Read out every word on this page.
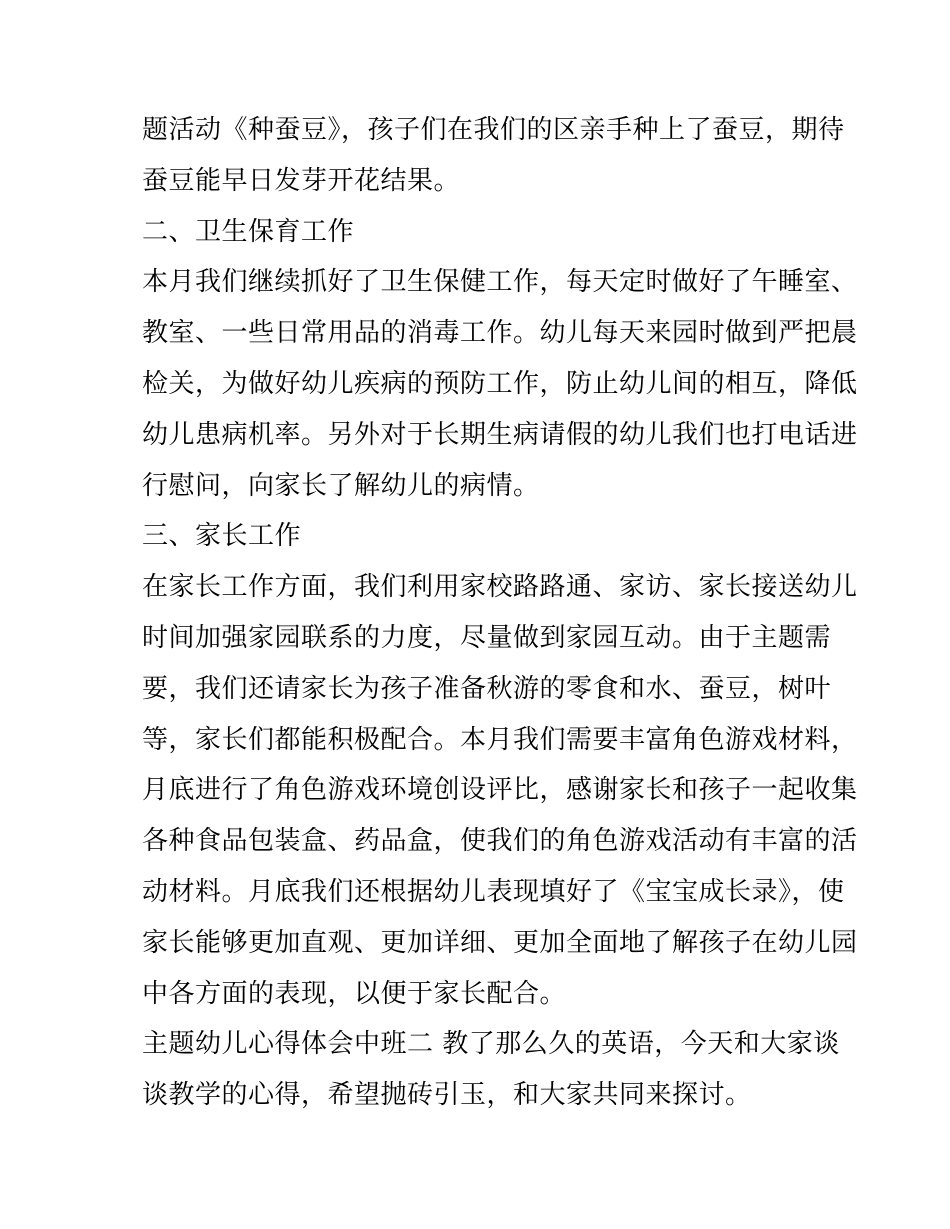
题活动《种蚕豆》，孩子们在我们的区亲手种上了蚕豆，期待
蚕豆能早日发芽开花结果。
二、卫生保育工作
本月我们继续抓好了卫生保健工作，每天定时做好了午睡室、
教室、一些日常用品的消毒工作。幼儿每天来园时做到严把晨
检关，为做好幼儿疾病的预防工作，防止幼儿间的相互，降低
幼儿患病机率。另外对于长期生病请假的幼儿我们也打电话进
行慰问，向家长了解幼儿的病情。
三、家长工作
在家长工作方面，我们利用家校路路通、家访、家长接送幼儿
时间加强家园联系的力度，尽量做到家园互动。由于主题需
要，我们还请家长为孩子准备秋游的零食和水、蚕豆，树叶
等，家长们都能积极配合。本月我们需要丰富角色游戏材料，
月底进行了角色游戏环境创设评比，感谢家长和孩子一起收集
各种食品包装盒、药品盒，使我们的角色游戏活动有丰富的活
动材料。月底我们还根据幼儿表现填好了《宝宝成长录》，使
家长能够更加直观、更加详细、更加全面地了解孩子在幼儿园
中各方面的表现，以便于家长配合。
主题幼儿心得体会中班二 教了那么久的英语，今天和大家谈
谈教学的心得，希望抛砖引玉，和大家共同来探讨。
